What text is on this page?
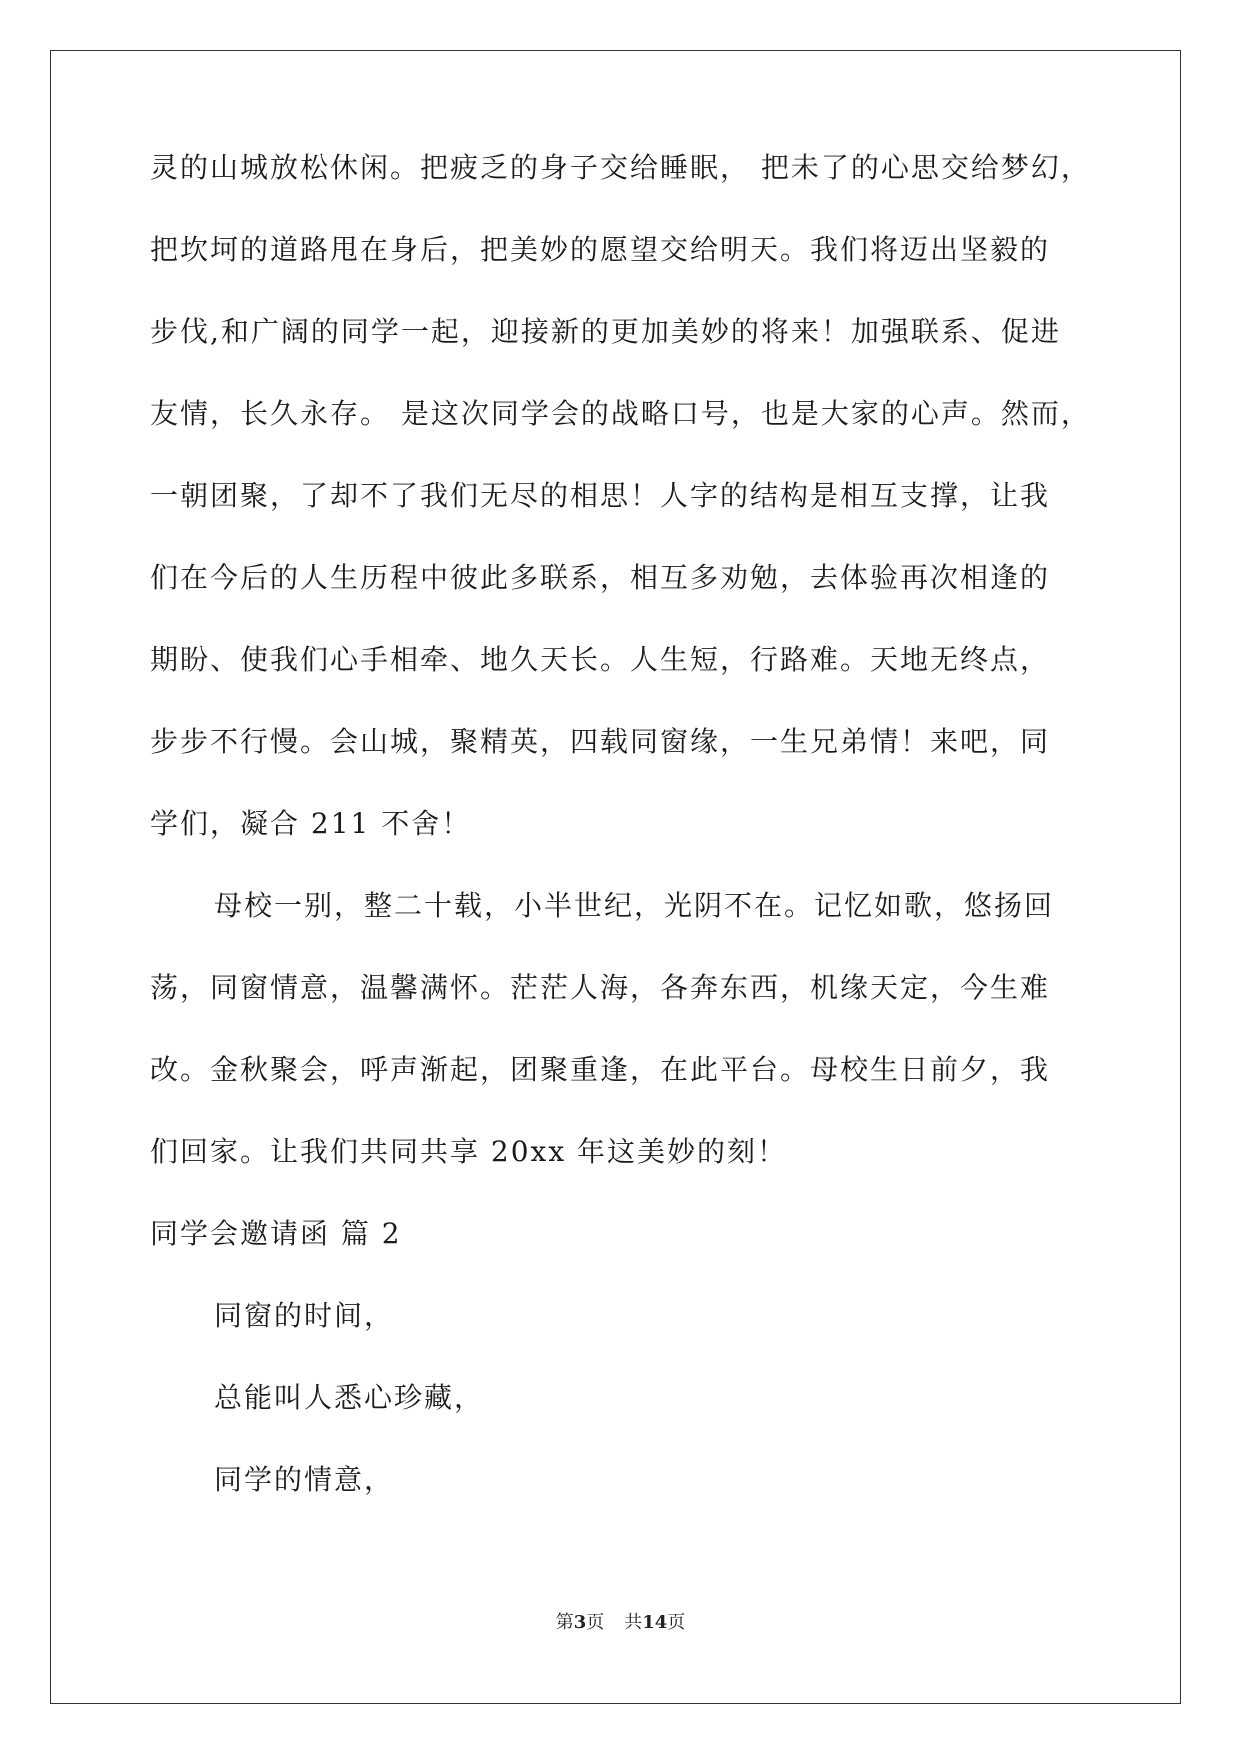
灵的山城放松休闲。把疲乏的身子交给睡眠， 把未了的心思交给梦幻，
把坎坷的道路甩在身后，把美妙的愿望交给明天。我们将迈出坚毅的
步伐,和广阔的同学一起，迎接新的更加美妙的将来！加强联系、促进
友情，长久永存。 是这次同学会的战略口号，也是大家的心声。然而，
一朝团聚，了却不了我们无尽的相思！人字的结构是相互支撑，让我
们在今后的人生历程中彼此多联系，相互多劝勉，去体验再次相逢的
期盼、使我们心手相牵、地久天长。人生短，行路难。天地无终点，
步步不行慢。会山城，聚精英，四载同窗缘，一生兄弟情！来吧，同
学们，凝合 211 不舍！
母校一别，整二十载，小半世纪，光阴不在。记忆如歌，悠扬回
荡，同窗情意，温馨满怀。茫茫人海，各奔东西，机缘天定，今生难
改。金秋聚会，呼声渐起，团聚重逢，在此平台。母校生日前夕，我
们回家。让我们共同共享 20xx 年这美妙的刻！
同学会邀请函 篇 2
同窗的时间，
总能叫人悉心珍藏，
同学的情意，
第3页 共14页
